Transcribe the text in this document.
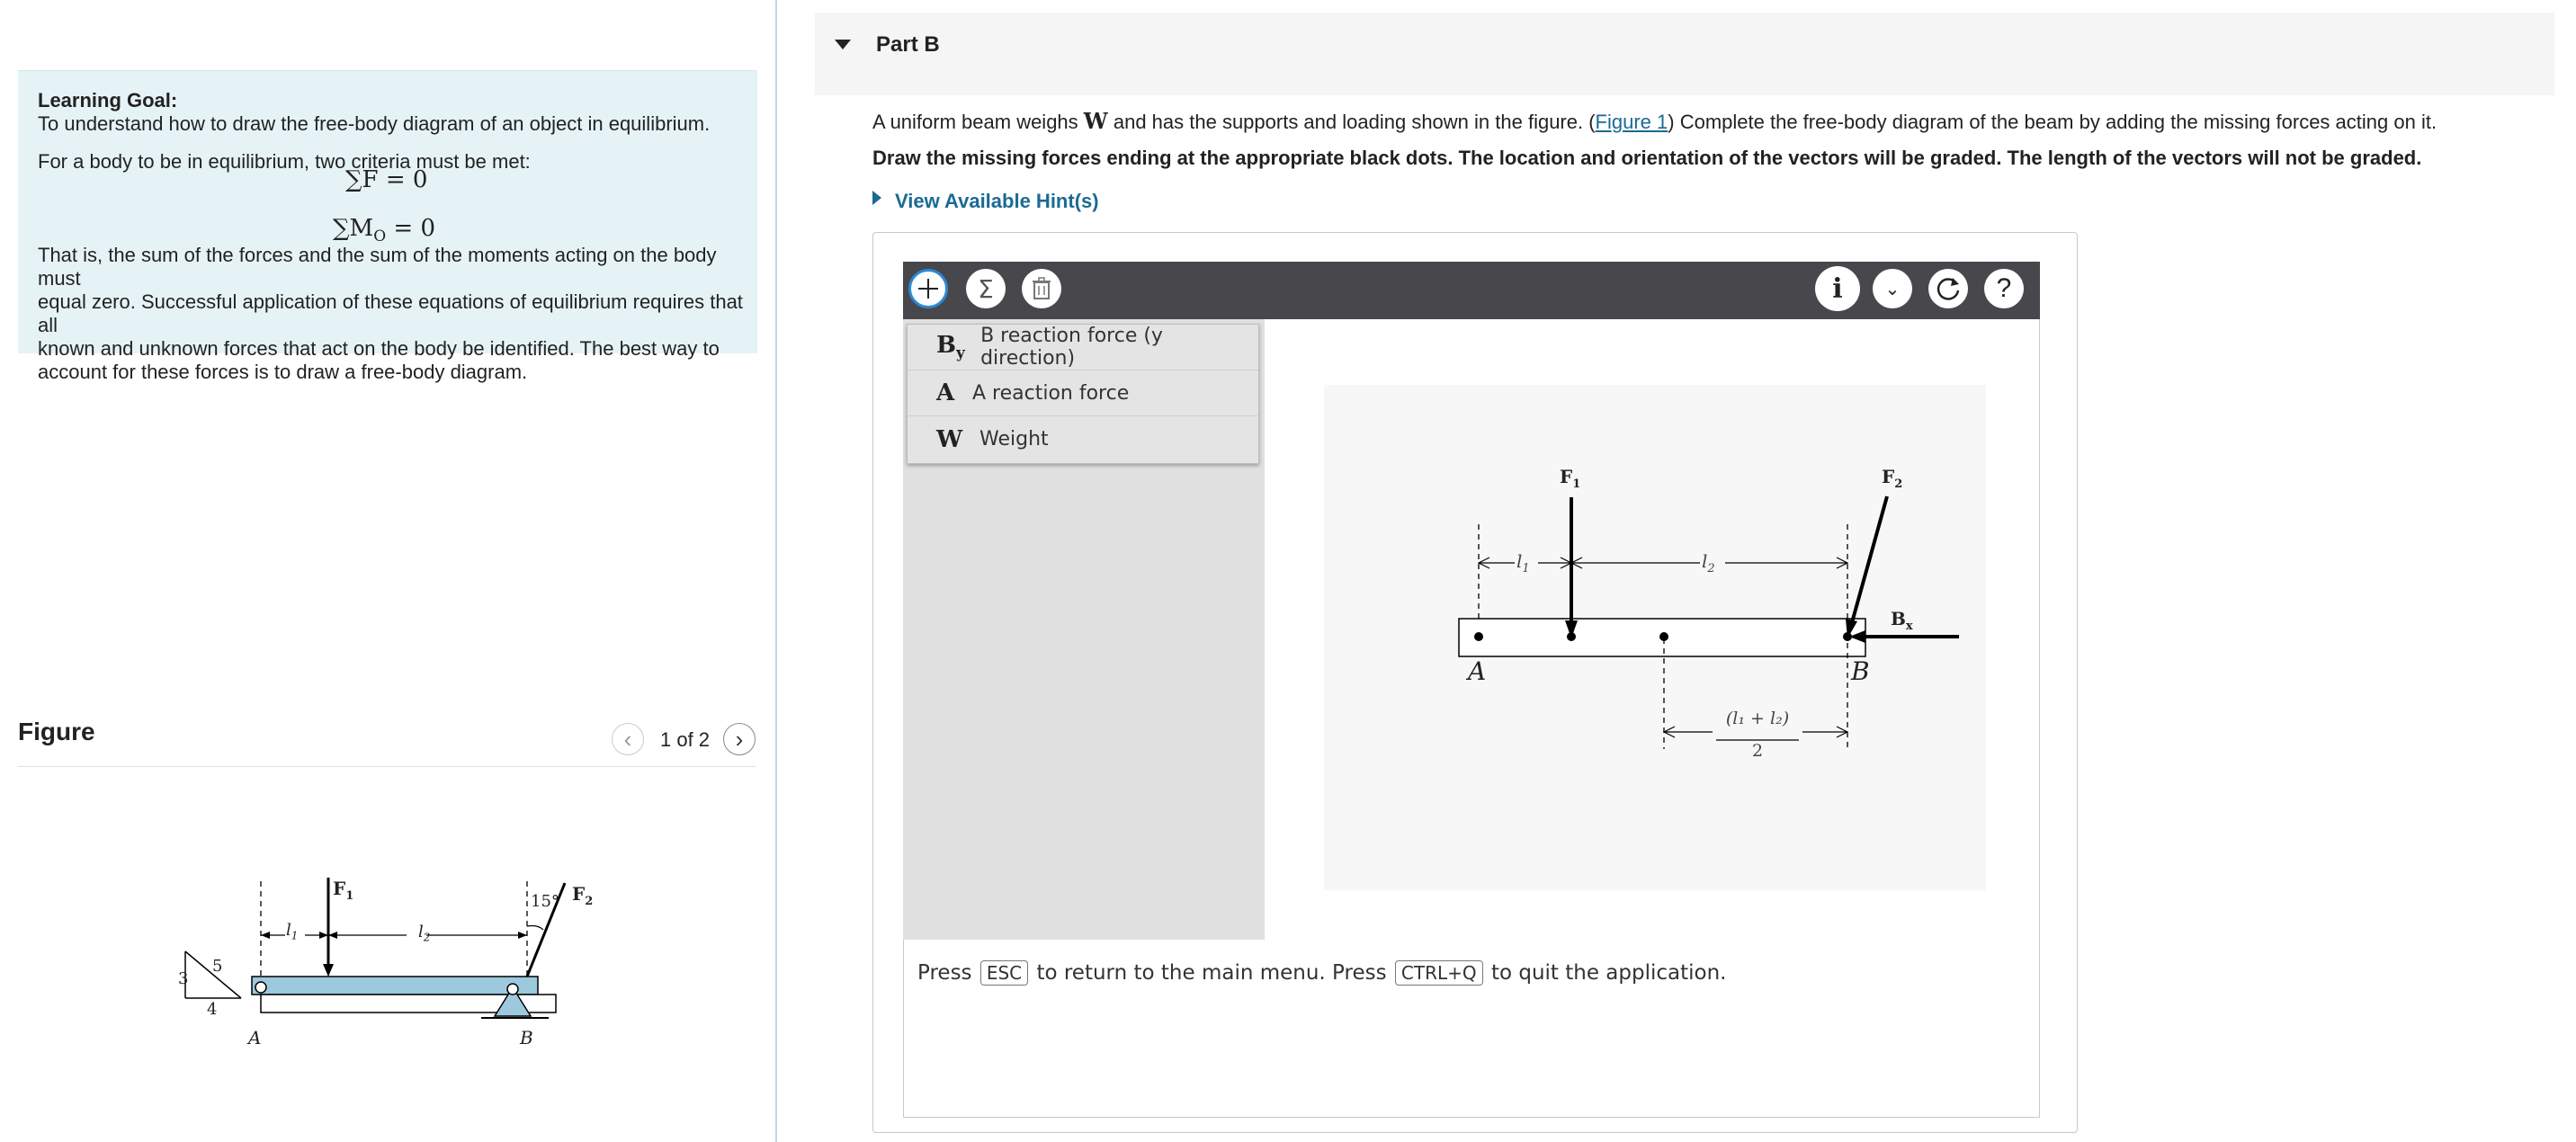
Learning Goal:
To understand how to draw the free-body diagram of an object in equilibrium.
For a body to be in equilibrium, two criteria must be met:
∑F = 0
$\sum M_O = 0$
That is, the sum of the forces and the sum of the moments acting on the body must
equal zero. Successful application of these equations of equilibrium requires that all
known and unknown forces that act on the body be identified. The best way to
account for these forces is to draw a free-body diagram.
Figure	‹ 1 of 2 ›
$F_1$	$F_2$
$l_1$	$l_2$
15°
3
4
5
A	B
Part B
A uniform beam weighs W and has the supports and loading shown in the figure. (Figure 1) Complete the free-body diagram of the beam by adding the missing forces acting on it.
Draw the missing forces ending at the appropriate black dots. The location and orientation of the vectors will be graded. The length of the vectors will not be graded.
View Available Hint(s)
Σ	i	⌄	?
$B_y$
B reaction force (y direction)
A A reaction force
W Weight
$F_1$	$F_2$
$B_x$
A	B
$l_1$	$l_2$
(l₁ + l₂)
2
Press ESC to return to the main menu. Press CTRL+Q to quit the application.
